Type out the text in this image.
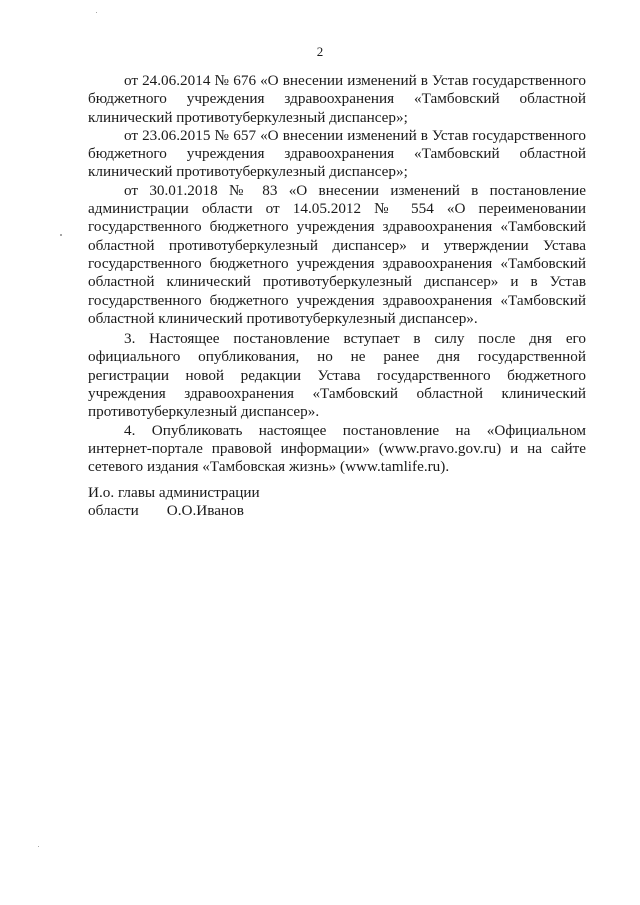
2

от 24.06.2014 № 676 «О внесении изменений в Устав государственного бюджетного учреждения здравоохранения «Тамбовский областной клинический противотуберкулезный диспансер»;

от 23.06.2015 № 657 «О внесении изменений в Устав государственного бюджетного учреждения здравоохранения «Тамбовский областной клинический противотуберкулезный диспансер»;

от 30.01.2018 № 83 «О внесении изменений в постановление администрации области от 14.05.2012 № 554 «О переименовании государственного бюджетного учреждения здравоохранения «Тамбовский областной противотуберкулезный диспансер» и утверждении Устава государственного бюджетного учреждения здравоохранения «Тамбовский областной клинический противотуберкулезный диспансер» и в Устав государственного бюджетного учреждения здравоохранения «Тамбовский областной клинический противотуберкулезный диспансер».

3. Настоящее постановление вступает в силу после дня его официального опубликования, но не ранее дня государственной регистрации новой редакции Устава государственного бюджетного учреждения здравоохранения «Тамбовский областной клинический противотуберкулезный диспансер».

4. Опубликовать настоящее постановление на «Официальном интернет-портале правовой информации» (www.pravo.gov.ru) и на сайте сетевого издания «Тамбовская жизнь» (www.tamlife.ru).

И.о. главы администрации
области О.О.Иванов
